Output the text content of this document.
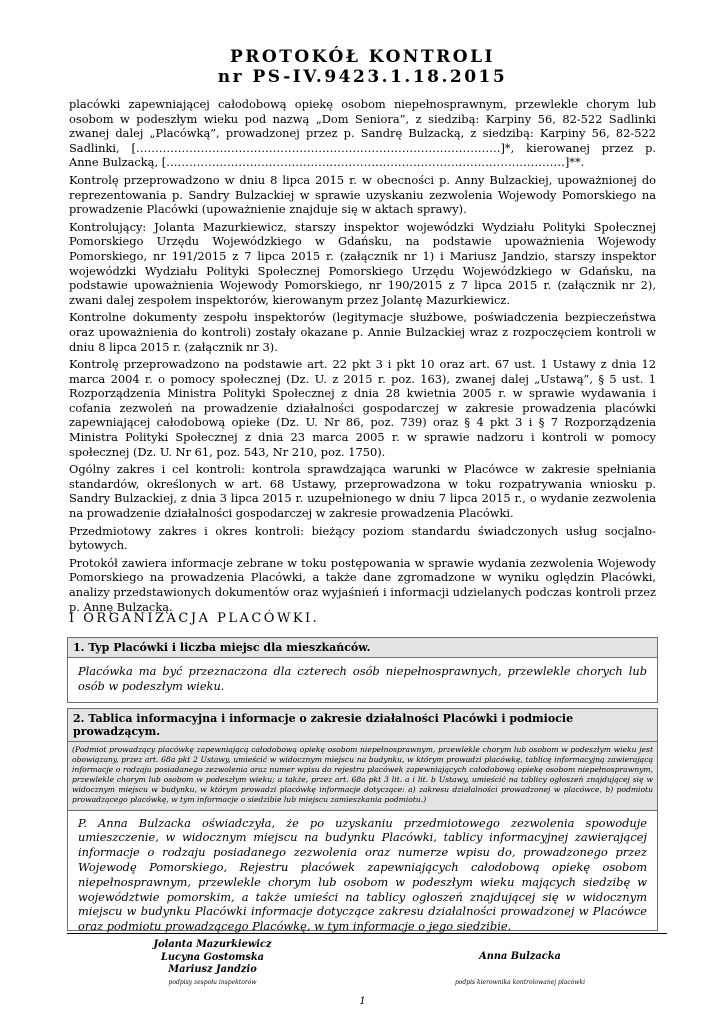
PROTOKÓŁ KONTROLI
nr PS-IV.9423.1.18.2015

placówki zapewniającej całodobową opiekę osobom niepełnosprawnym, przewlekle chorym lub osobom w podeszłym wieku pod nazwą „Dom Seniora”, z siedzibą: Karpiny 56, 82-522 Sadlinki zwanej dalej „Placówką”, prowadzonej przez p. Sandrę Bulzacką, z siedzibą: Karpiny 56, 82-522 Sadlinki, [……………………………………………………………………………………]*, kierowanej przez p. Anne Bulzacką, [……………………………………………………………………………………………]**.

Kontrolę przeprowadzono w dniu 8 lipca 2015 r. w obecności p. Anny Bulzackiej, upoważnionej do reprezentowania p. Sandry Bulzackiej w sprawie uzyskaniu zezwolenia Wojewody Pomorskiego na prowadzenie Placówki (upoważnienie znajduje się w aktach sprawy).

Kontrolujący: Jolanta Mazurkiewicz, starszy inspektor wojewódzki Wydziału Polityki Społecznej Pomorskiego Urzędu Wojewódzkiego w Gdańsku, na podstawie upoważnienia Wojewody Pomorskiego, nr 191/2015 z 7 lipca 2015 r. (załącznik nr 1) i Mariusz Jandzio, starszy inspektor wojewódzki Wydziału Polityki Społecznej Pomorskiego Urzędu Wojewódzkiego w Gdańsku, na podstawie upoważnienia Wojewody Pomorskiego, nr 190/2015 z 7 lipca 2015 r. (załącznik nr 2), zwani dalej zespołem inspektorów, kierowanym przez Jolantę Mazurkiewicz.

Kontrolne dokumenty zespołu inspektorów (legitymacje służbowe, poświadczenia bezpieczeństwa oraz upoważnienia do kontroli) zostały okazane p. Annie Bulzackiej wraz z rozpoczęciem kontroli w dniu 8 lipca 2015 r. (załącznik nr 3).

Kontrolę przeprowadzono na podstawie art. 22 pkt 3 i pkt 10 oraz art. 67 ust. 1 Ustawy z dnia 12 marca 2004 r. o pomocy społecznej (Dz. U. z 2015 r. poz. 163), zwanej dalej „Ustawą”, § 5 ust. 1 Rozporządzenia Ministra Polityki Społecznej z dnia 28 kwietnia 2005 r. w sprawie wydawania i cofania zezwoleń na prowadzenie działalności gospodarczej w zakresie prowadzenia placówki zapewniającej całodobową opieke (Dz. U. Nr 86, poz. 739) oraz § 4 pkt 3 i § 7 Rozporządzenia Ministra Polityki Społecznej z dnia 23 marca 2005 r. w sprawie nadzoru i kontroli w pomocy społecznej (Dz. U. Nr 61, poz. 543, Nr 210, poz. 1750).

Ogólny zakres i cel kontroli: kontrola sprawdzająca warunki w Placówce w zakresie spełniania standardów, określonych w art. 68 Ustawy, przeprowadzona w toku rozpatrywania wniosku p. Sandry Bulzackiej, z dnia 3 lipca 2015 r. uzupełnionego w dniu 7 lipca 2015 r., o wydanie zezwolenia na prowadzenie działalności gospodarczej w zakresie prowadzenia Placówki.

Przedmiotowy zakres i okres kontroli: bieżący poziom standardu świadczonych usług socjalno-bytowych.

Protokół zawiera informacje zebrane w toku postępowania w sprawie wydania zezwolenia Wojewody Pomorskiego na prowadzenia Placówki, a także dane zgromadzone w wyniku oględzin Placówki, analizy przedstawionych dokumentów oraz wyjaśnień i informacji udzielanych podczas kontroli przez p. Annę Bulzacką.

I ORGANIZACJA PLACÓWKI.
1. Typ Placówki i liczba miejsc dla mieszkańców.
Placówka ma być przeznaczona dla czterech osób niepełnosprawnych, przewlekle chorych lub osób w podeszłym wieku.
2. Tablica informacyjna i informacje o zakresie działalności Placówki i podmiocie prowadzącym.
(Podmiot prowadzący placówkę zapewniającą całodobową opiekę osobom niepełnosprawnym, przewlekle chorym lub osobom w podeszłym wieku jest obowiązany, przez art. 68a pkt 2 Ustawy, umieścić w widocznym miejscu na budynku, w którym prowadzi placówkę, tablicę informacyjną zawierającą informacje o rodzaju posiadanego zezwolenia oraz numer wpisu do rejestru placówek zapewniających całodobową opiekę osobom niepełnosprawnym, przewlekle chorym lub osobom w podeszłym wieku; a także, przez art. 68a pkt 3 lit. a i lit. b Ustawy, umieścić na tablicy ogłoszeń znajdującej się w widocznym miejscu w budynku, w którym prowadzi placówkę informacje dotyczące: a) zakresu działalności prowadzonej w placówce, b) podmiotu prowadzącego placówkę, w tym informacje o siedzibie lub miejscu zamieszkania podmiotu.)
P. Anna Bulzacka oświadczyła, że po uzyskaniu przedmiotowego zezwolenia spowoduje umieszczenie, w widocznym miejscu na budynku Placówki, tablicy informacyjnej zawierającej informacje o rodzaju posiadanego zezwolenia oraz numerze wpisu do, prowadzonego przez Wojewodę Pomorskiego, Rejestru placówek zapewniających całodobową opiekę osobom niepełnosprawnym, przewlekle chorym lub osobom w podeszłym wieku mających siedzibę w województwie pomorskim, a także umieści na tablicy ogłoszeń znajdującej się w widocznym miejscu w budynku Placówki informacje dotyczące zakresu działalności prowadzonej w Placówce oraz podmiotu prowadzącego Placówkę, w tym informacje o jego siedzibie.
Jolanta Mazurkiewicz
Lucyna Gostomska
Mariusz Jandzio
podpisy zespołu inspektorów
Anna Bulzacka
podpis kierownika kontrolowanej placówki
1
